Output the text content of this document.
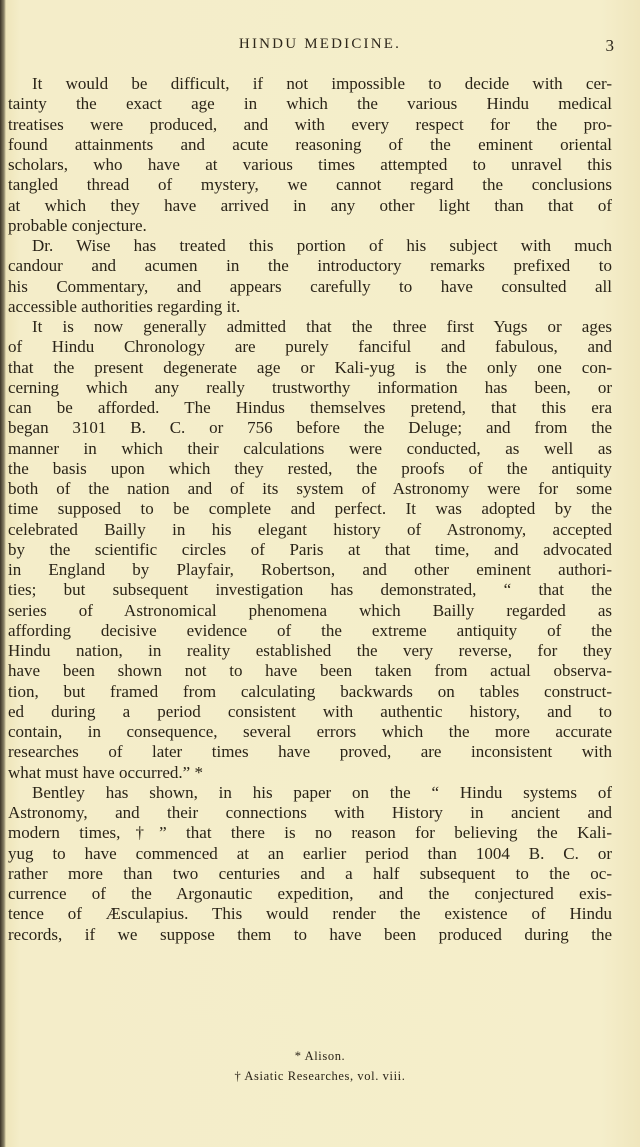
HINDU MEDICINE.	3
It would be difficult, if not impossible to decide with cer-
tainty the exact age in which the various Hindu medical
treatises were produced, and with every respect for the pro-
found attainments and acute reasoning of the eminent oriental
scholars, who have at various times attempted to unravel this
tangled thread of mystery, we cannot regard the conclusions
at which they have arrived in any other light than that of
probable conjecture.
Dr. Wise has treated this portion of his subject with much
candour and acumen in the introductory remarks prefixed to
his Commentary, and appears carefully to have consulted all
accessible authorities regarding it.
It is now generally admitted that the three first Yugs or ages
of Hindu Chronology are purely fanciful and fabulous, and
that the present degenerate age or Kali-yug is the only one con-
cerning which any really trustworthy information has been, or
can be afforded. The Hindus themselves pretend, that this era
began 3101 B. C. or 756 before the Deluge; and from the
manner in which their calculations were conducted, as well as
the basis upon which they rested, the proofs of the antiquity
both of the nation and of its system of Astronomy were for some
time supposed to be complete and perfect. It was adopted by the
celebrated Bailly in his elegant history of Astronomy, accepted
by the scientific circles of Paris at that time, and advocated
in England by Playfair, Robertson, and other eminent authori-
ties; but subsequent investigation has demonstrated, “ that the
series of Astronomical phenomena which Bailly regarded as
affording decisive evidence of the extreme antiquity of the
Hindu nation, in reality established the very reverse, for they
have been shown not to have been taken from actual observa-
tion, but framed from calculating backwards on tables construct-
ed during a period consistent with authentic history, and to
contain, in consequence, several errors which the more accurate
researches of later times have proved, are inconsistent with
what must have occurred.” *
Bentley has shown, in his paper on the “ Hindu systems of
Astronomy, and their connections with History in ancient and
modern times,†” that there is no reason for believing the Kali-
yug to have commenced at an earlier period than 1004 B. C. or
rather more than two centuries and a half subsequent to the oc-
currence of the Argonautic expedition, and the conjectured exis-
tence of Æsculapius. This would render the existence of Hindu
records, if we suppose them to have been produced during the
* Alison.
† Asiatic Researches, vol. viii.
